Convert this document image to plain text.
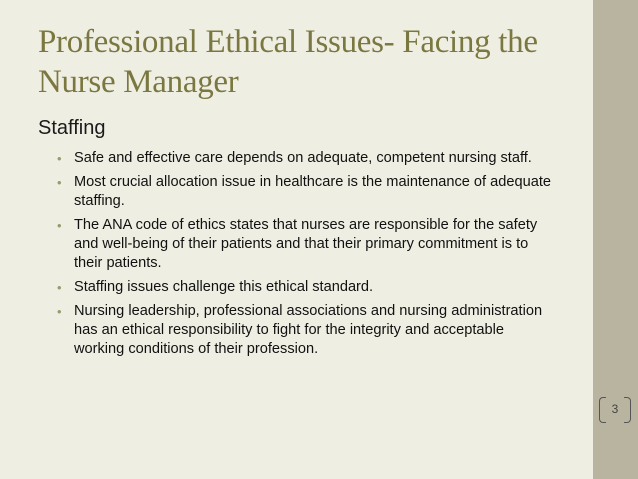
Professional Ethical Issues- Facing the Nurse Manager
Staffing
• Safe and effective care depends on adequate, competent nursing staff.
• Most crucial allocation issue in healthcare is the maintenance of adequate staffing.
• The ANA code of ethics states that nurses are responsible for the safety and well-being of their patients and that their primary commitment is to their patients.
• Staffing issues challenge this ethical standard.
• Nursing leadership, professional associations and nursing administration has an ethical responsibility to fight for the integrity and acceptable working conditions of their profession.
3
